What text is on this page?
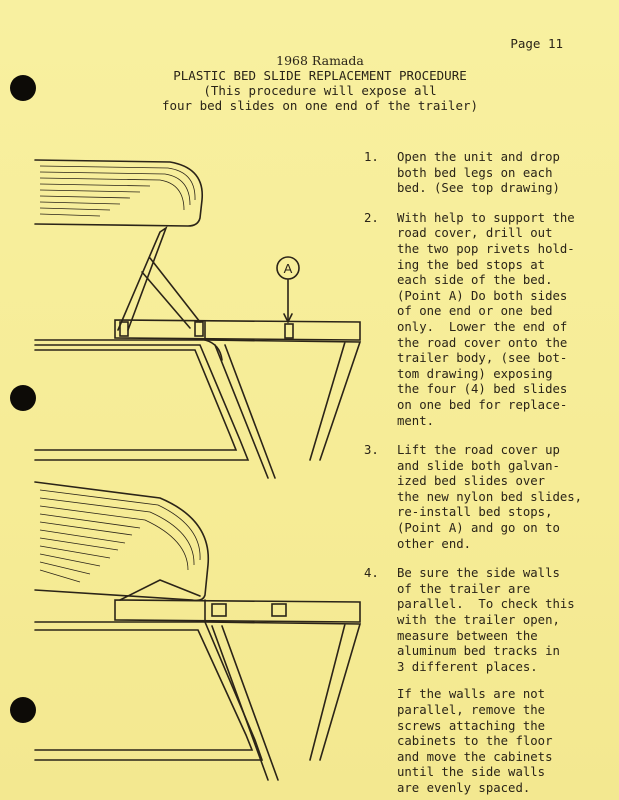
Page 11
1968 Ramada
PLASTIC BED SLIDE REPLACEMENT PROCEDURE
(This procedure will expose all
four bed slides on one end of the trailer)
A
1.	Open the unit and drop
both bed legs on each
bed. (See top drawing)
2.	With help to support the
road cover, drill out
the two pop rivets hold-
ing the bed stops at
each side of the bed.
(Point A) Do both sides
of one end or one bed
only.  Lower the end of
the road cover onto the
trailer body, (see bot-
tom drawing) exposing
the four (4) bed slides
on one bed for replace-
ment.
3.	Lift the road cover up
and slide both galvan-
ized bed slides over
the new nylon bed slides,
re-install bed stops,
(Point A) and go on to
other end.
4.	Be sure the side walls
of the trailer are
parallel.  To check this
with the trailer open,
measure between the
aluminum bed tracks in
3 different places.
If the walls are not
parallel, remove the
screws attaching the
cabinets to the floor
and move the cabinets
until the side walls
are evenly spaced.
